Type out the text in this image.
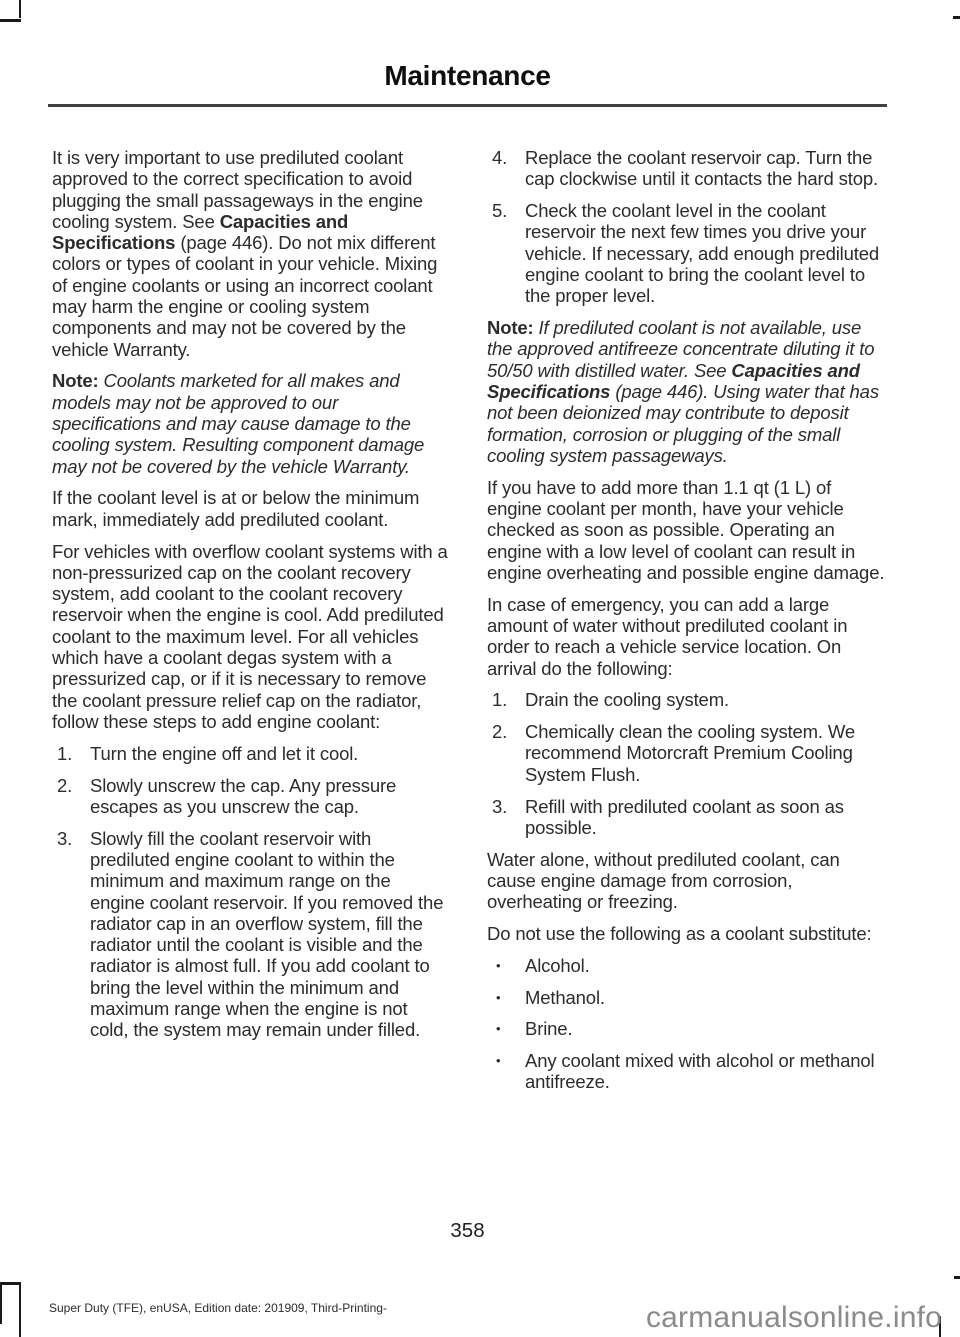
Maintenance

It is very important to use prediluted coolant approved to the correct specification to avoid plugging the small passageways in the engine cooling system. See Capacities and Specifications (page 446). Do not mix different colors or types of coolant in your vehicle. Mixing of engine coolants or using an incorrect coolant may harm the engine or cooling system components and may not be covered by the vehicle Warranty.

Note: Coolants marketed for all makes and models may not be approved to our specifications and may cause damage to the cooling system. Resulting component damage may not be covered by the vehicle Warranty.

If the coolant level is at or below the minimum mark, immediately add prediluted coolant.

For vehicles with overflow coolant systems with a non-pressurized cap on the coolant recovery system, add coolant to the coolant recovery reservoir when the engine is cool. Add prediluted coolant to the maximum level. For all vehicles which have a coolant degas system with a pressurized cap, or if it is necessary to remove the coolant pressure relief cap on the radiator, follow these steps to add engine coolant:

1. Turn the engine off and let it cool.
2. Slowly unscrew the cap. Any pressure escapes as you unscrew the cap.
3. Slowly fill the coolant reservoir with prediluted engine coolant to within the minimum and maximum range on the engine coolant reservoir. If you removed the radiator cap in an overflow system, fill the radiator until the coolant is visible and the radiator is almost full. If you add coolant to bring the level within the minimum and maximum range when the engine is not cold, the system may remain under filled.
4. Replace the coolant reservoir cap. Turn the cap clockwise until it contacts the hard stop.
5. Check the coolant level in the coolant reservoir the next few times you drive your vehicle. If necessary, add enough prediluted engine coolant to bring the coolant level to the proper level.

Note: If prediluted coolant is not available, use the approved antifreeze concentrate diluting it to 50/50 with distilled water. See Capacities and Specifications (page 446). Using water that has not been deionized may contribute to deposit formation, corrosion or plugging of the small cooling system passageways.

If you have to add more than 1.1 qt (1 L) of engine coolant per month, have your vehicle checked as soon as possible. Operating an engine with a low level of coolant can result in engine overheating and possible engine damage.

In case of emergency, you can add a large amount of water without prediluted coolant in order to reach a vehicle service location. On arrival do the following:

1. Drain the cooling system.
2. Chemically clean the cooling system. We recommend Motorcraft Premium Cooling System Flush.
3. Refill with prediluted coolant as soon as possible.

Water alone, without prediluted coolant, can cause engine damage from corrosion, overheating or freezing.

Do not use the following as a coolant substitute:

•	Alcohol.
•	Methanol.
•	Brine.
•	Any coolant mixed with alcohol or methanol antifreeze.
358
Super Duty (TFE), enUSA, Edition date: 201909, Third-Printing-	carmanualsonline.info
